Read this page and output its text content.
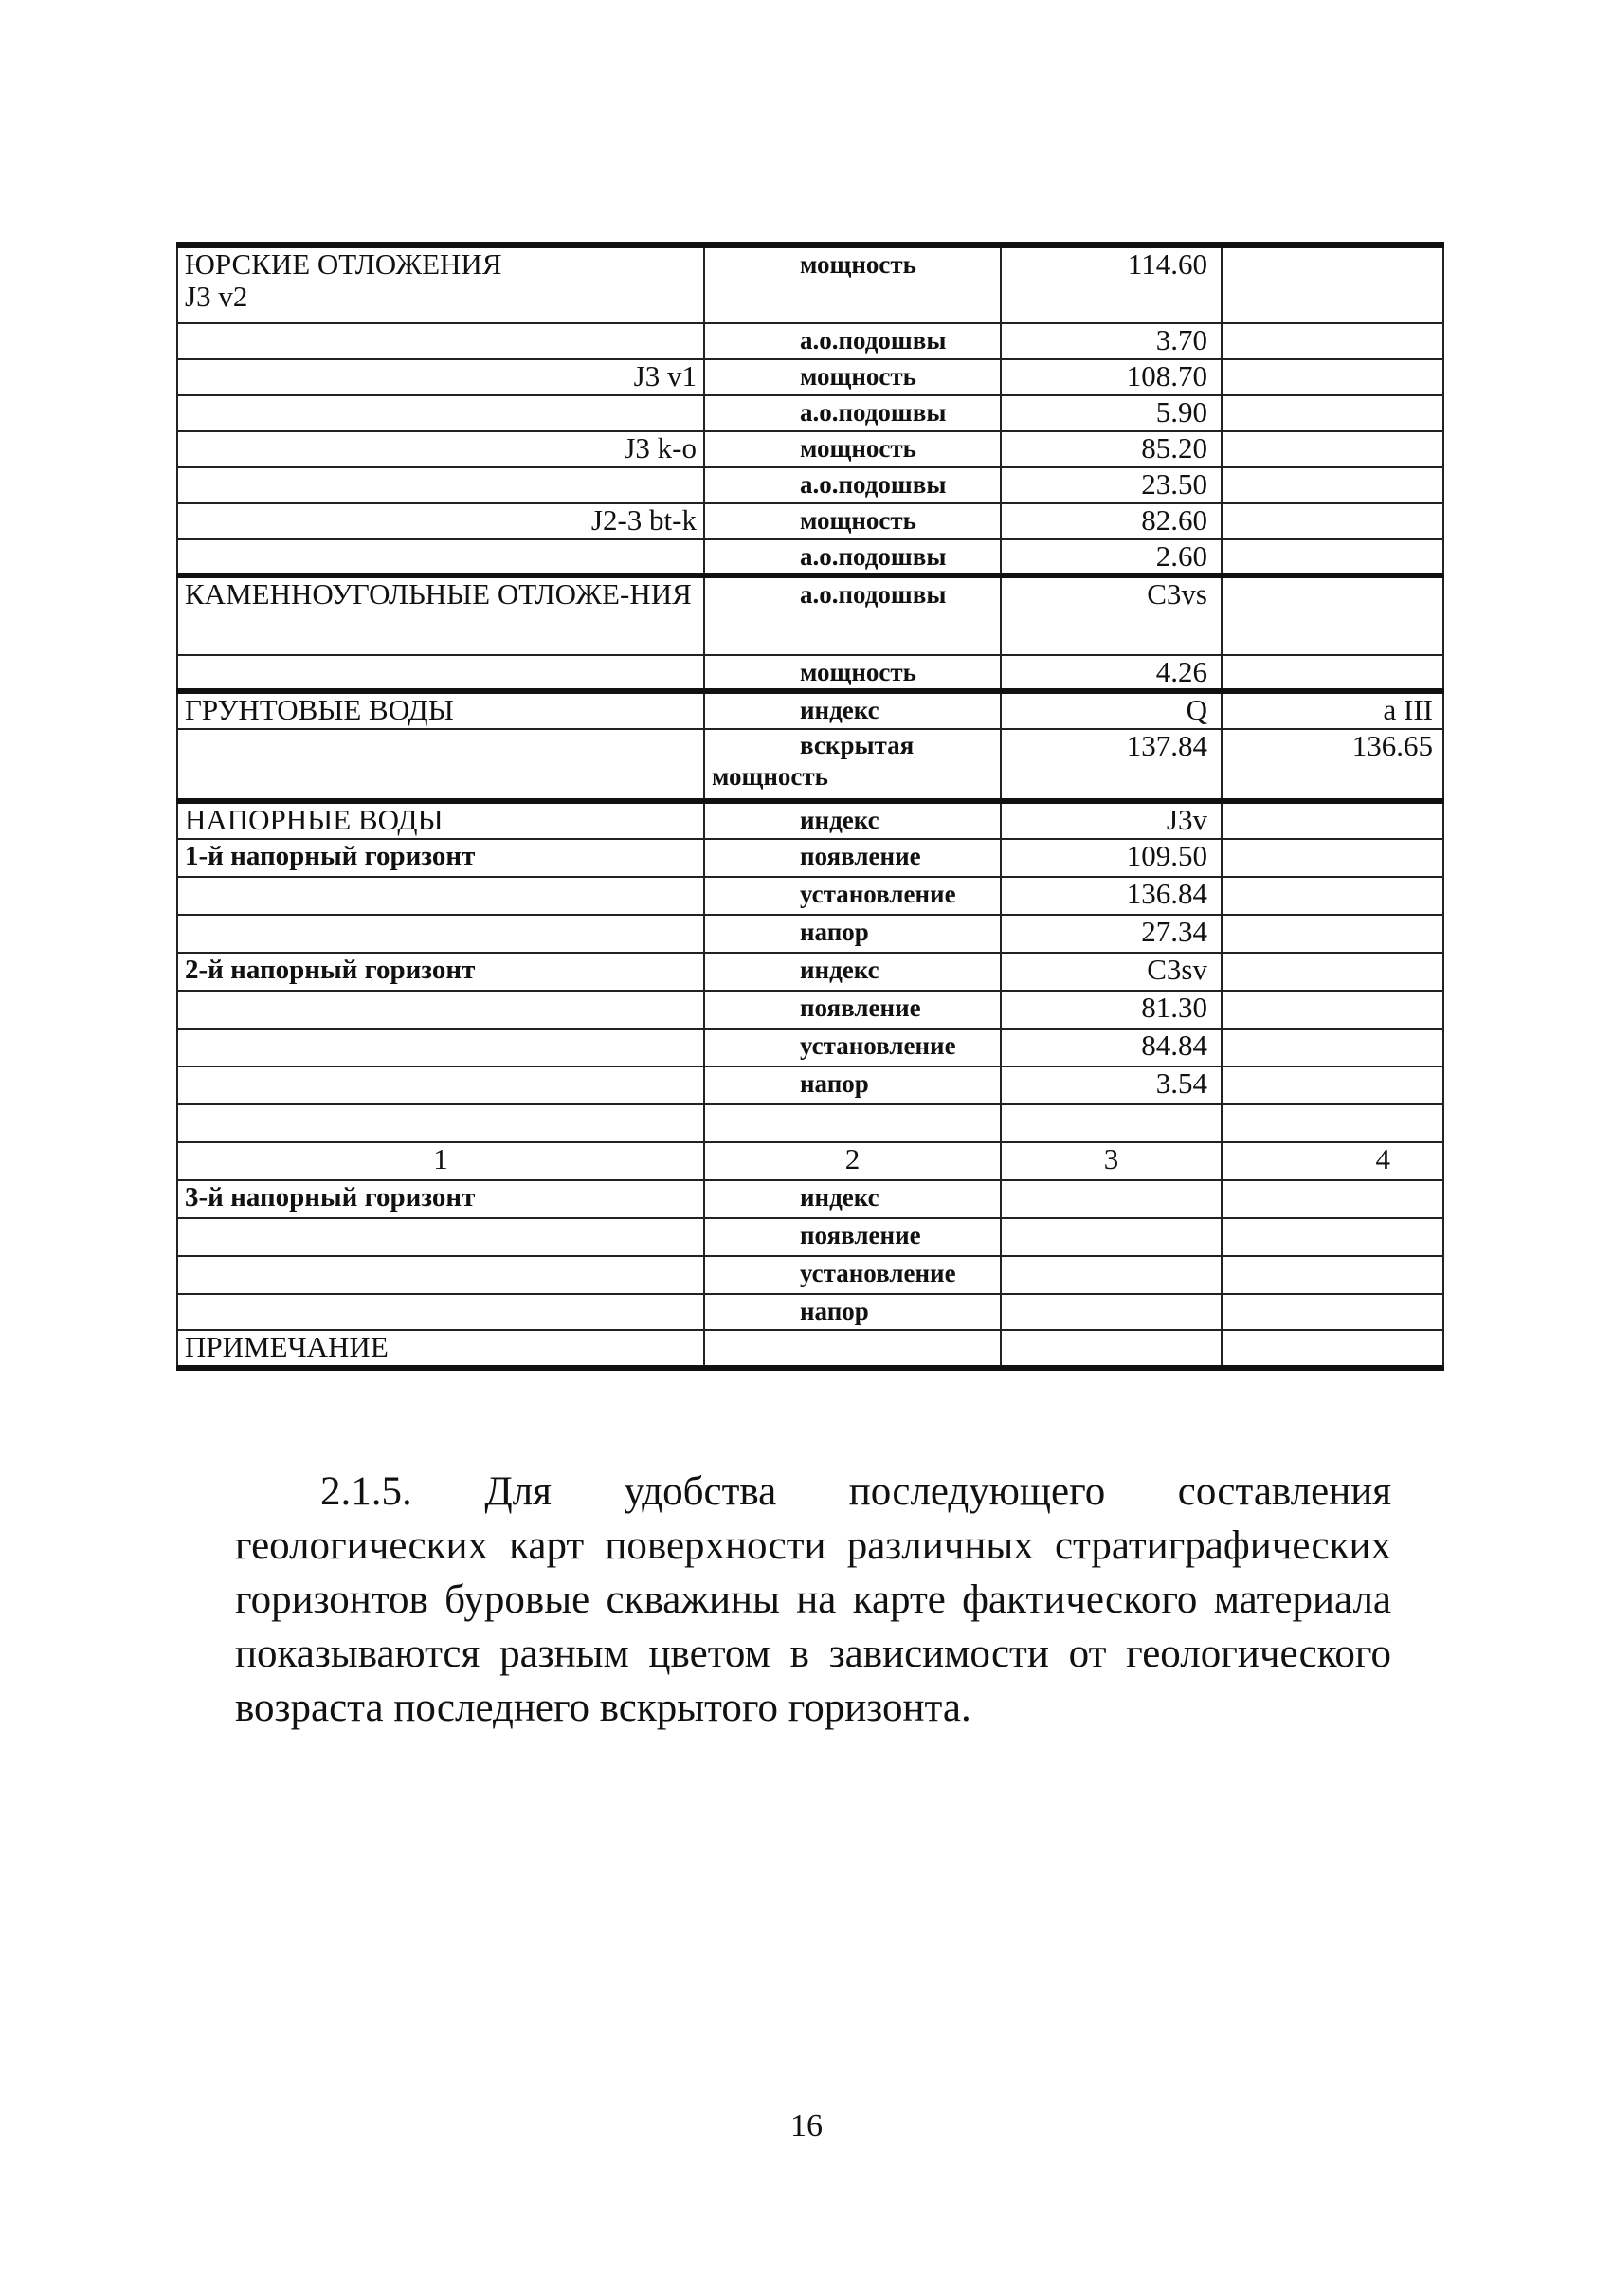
ЮРСКИЕ ОТЛОЖЕНИЯ
J3 v2	мощность	114.60	
	а.о.подошвы	3.70	
J3 v1	мощность	108.70	
	а.о.подошвы	5.90	
J3 k-o	мощность	85.20	
	а.о.подошвы	23.50	
J2-3 bt-k	мощность	82.60	
	а.о.подошвы	2.60	
КАМЕННОУГОЛЬНЫЕ ОТЛОЖЕ-НИЯ	а.о.подошвы	C3vs	
	мощность	4.26	
ГРУНТОВЫЕ ВОДЫ	индекс	Q	a III
	вскрытая мощность	137.84	136.65
НАПОРНЫЕ ВОДЫ	индекс	J3v	
1-й напорный горизонт	появление	109.50	
	установление	136.84	
	напор	27.34	
2-й напорный горизонт	индекс	C3sv	
	появление	81.30	
	установление	84.84	
	напор	3.54	

1	2	3	4
3-й напорный горизонт	индекс		
	появление		
	установление		
	напор		
ПРИМЕЧАНИЕ			

2.1.5. Для удобства последующего составления геологических карт поверхности различных стратиграфических горизонтов буровые скважины на карте фактического материала показываются разным цветом в зависимости от геологического возраста последнего вскрытого горизонта.

16
